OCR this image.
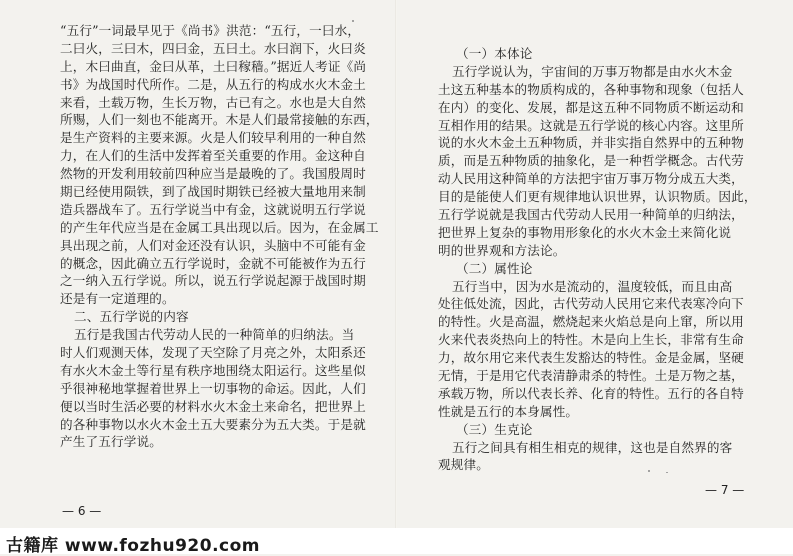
“五行”一词最早见于《尚书》洪范：“五行，一曰水，
二曰火，三曰木，四曰金，五曰土。水曰润下，火曰炎
上，木曰曲直，金曰从革，土曰稼穑。”据近人考证《尚
书》为战国时代所作。二是，从五行的构成水火木金土
来看，土载万物，生长万物，古已有之。水也是大自然
所赐，人们一刻也不能离开。木是人们最常接触的东西，
是生产资料的主要来源。火是人们较早利用的一种自然
力，在人们的生活中发挥着至关重要的作用。金这种自
然物的开发利用较前四种应当是最晚的了。我国殷周时
期已经使用陨铁，到了战国时期铁已经被大量地用来制
造兵器战车了。五行学说当中有金，这就说明五行学说
的产生年代应当是在金属工具出现以后。因为，在金属工
具出现之前，人们对金还没有认识，头脑中不可能有金
的概念，因此确立五行学说时，金就不可能被作为五行
之一纳入五行学说。所以，说五行学说起源于战国时期
还是有一定道理的。
二、五行学说的内容
五行是我国古代劳动人民的一种简单的归纳法。当
时人们观测天体，发现了天空除了月亮之外，太阳系还
有水火木金土等行星有秩序地围绕太阳运行。这些星似
乎很神秘地掌握着世界上一切事物的命运。因此，人们
便以当时生活必要的材料水火木金土来命名，把世界上
的各种事物以水火木金土五大要素分为五大类。于是就
产生了五行学说。
（一）本体论
五行学说认为，宇宙间的万事万物都是由水火木金
土这五种基本的物质构成的，各种事物和现象（包括人
在内）的变化、发展，都是这五种不同物质不断运动和
互相作用的结果。这就是五行学说的核心内容。这里所
说的水火木金土五种物质，并非实指自然界中的五种物
质，而是五种物质的抽象化，是一种哲学概念。古代劳
动人民用这种简单的方法把宇宙万事万物分成五大类，
目的是能使人们更有规律地认识世界，认识物质。因此，
五行学说就是我国古代劳动人民用一种简单的归纳法，
把世界上复杂的事物用形象化的水火木金土来简化说
明的世界观和方法论。
（二）属性论
五行当中，因为水是流动的，温度较低，而且由高
处往低处流，因此，古代劳动人民用它来代表寒冷向下
的特性。火是高温，燃烧起来火焰总是向上窜，所以用
火来代表炎热向上的特性。木是向上生长，非常有生命
力，故尔用它来代表生发豁达的特性。金是金属，坚硬
无情，于是用它代表清静肃杀的特性。土是万物之基，
承载万物，所以代表长养、化育的特性。五行的各自特
性就是五行的本身属性。
（三）生克论
五行之间具有相生相克的规律，这也是自然界的客
观规律。
— 6 —
— 7 —
古籍库 www.fozhu920.com
